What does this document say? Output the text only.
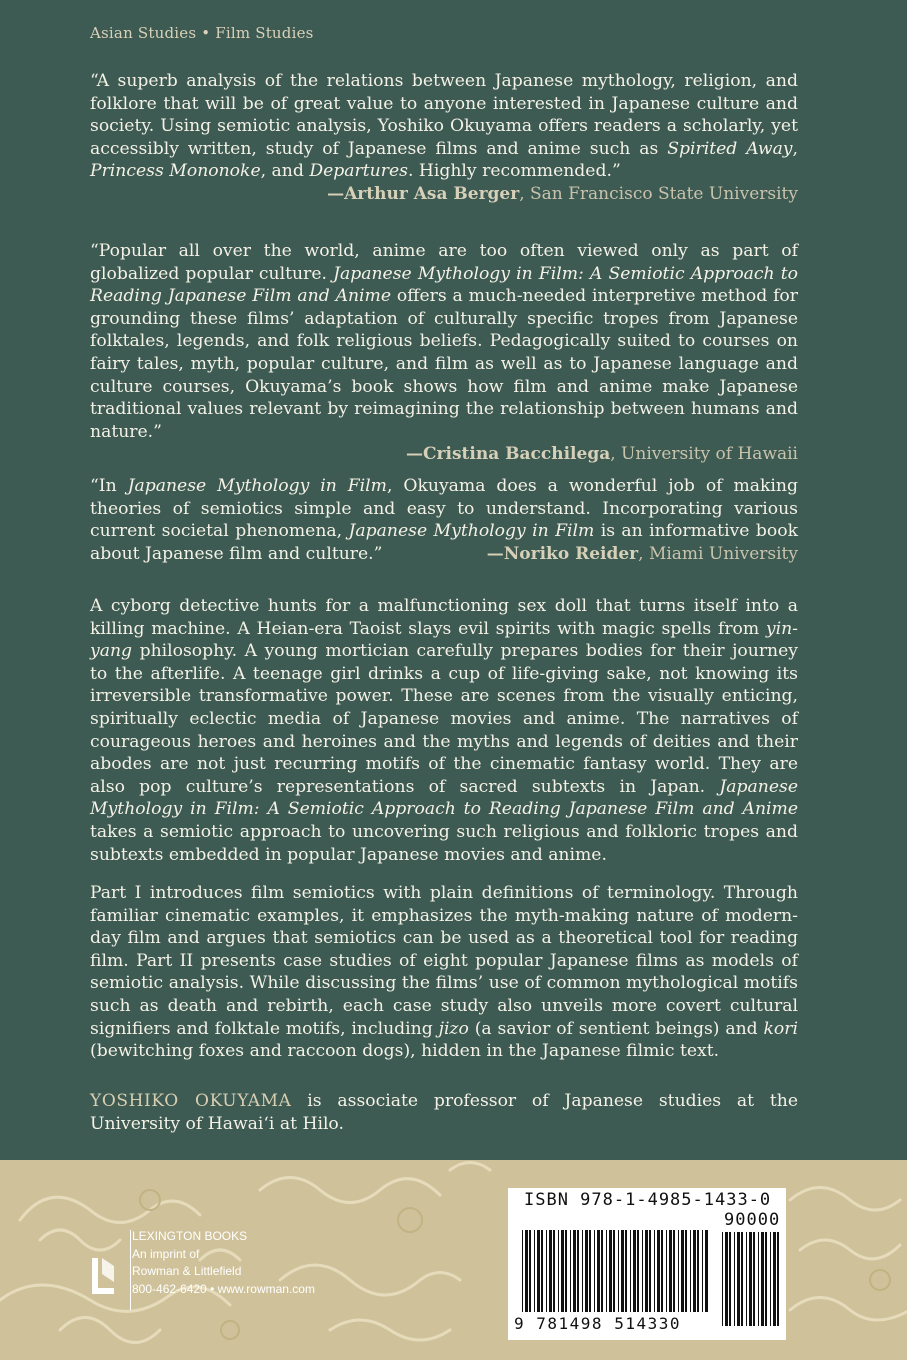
Asian Studies • Film Studies

“A superb analysis of the relations between Japanese mythology, religion, and folklore that will be of great value to anyone interested in Japanese culture and society. Using semiotic analysis, Yoshiko Okuyama offers readers a scholarly, yet accessibly written, study of Japanese films and anime such as Spirited Away, Princess Mononoke, and Departures. Highly recommended.”

—Arthur Asa Berger, San Francisco State University

“Popular all over the world, anime are too often viewed only as part of globalized popular culture. Japanese Mythology in Film: A Semiotic Approach to Reading Japanese Film and Anime offers a much-needed interpretive method for grounding these films’ adaptation of culturally specific tropes from Japanese folktales, legends, and folk religious beliefs. Pedagogically suited to courses on fairy tales, myth, popular culture, and film as well as to Japanese language and culture courses, Okuyama’s book shows how film and anime make Japanese traditional values relevant by reimagining the relationship between humans and nature.”

—Cristina Bacchilega, University of Hawaii

“In Japanese Mythology in Film, Okuyama does a wonderful job of making theories of semiotics simple and easy to understand. Incorporating various current societal phenomena, Japanese Mythology in Film is an informative book about Japanese film and culture.”	—Noriko Reider, Miami University

A cyborg detective hunts for a malfunctioning sex doll that turns itself into a killing machine. A Heian-era Taoist slays evil spirits with magic spells from yin-yang philosophy. A young mortician carefully prepares bodies for their journey to the afterlife. A teenage girl drinks a cup of life-giving sake, not knowing its irreversible transformative power. These are scenes from the visually enticing, spiritually eclectic media of Japanese movies and anime. The narratives of courageous heroes and heroines and the myths and legends of deities and their abodes are not just recurring motifs of the cinematic fantasy world. They are also pop culture’s representations of sacred subtexts in Japan. Japanese Mythology in Film: A Semiotic Approach to Reading Japanese Film and Anime takes a semiotic approach to uncovering such religious and folkloric tropes and subtexts embedded in popular Japanese movies and anime.

Part I introduces film semiotics with plain definitions of terminology. Through familiar cinematic examples, it emphasizes the myth-making nature of modern-day film and argues that semiotics can be used as a theoretical tool for reading film. Part II presents case studies of eight popular Japanese films as models of semiotic analysis. While discussing the films’ use of common mythological motifs such as death and rebirth, each case study also unveils more covert cultural signifiers and folktale motifs, including jizo (a savior of sentient beings) and kori (bewitching foxes and raccoon dogs), hidden in the Japanese filmic text.

YOSHIKO OKUYAMA is associate professor of Japanese studies at the University of Hawai‘i at Hilo.

LEXINGTON BOOKS
An imprint of
Rowman & Littlefield
800-462-6420 • www.rowman.com
ISBN 978-1-4985-1433-0
90000
9 781498 514330
